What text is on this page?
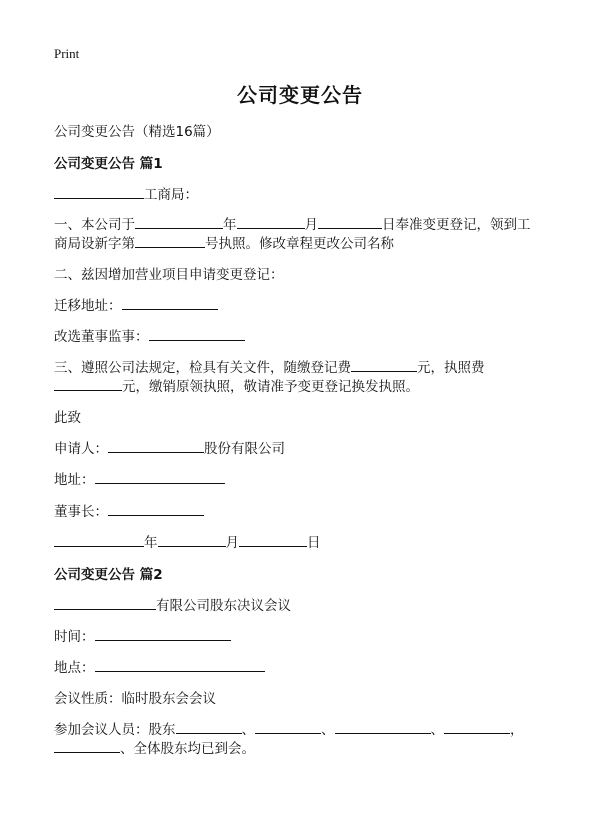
Print
公司变更公告
公司变更公告（精选16篇）
公司变更公告 篇1
工商局：
一、本公司于	年	月	日奉准变更登记，领到工
商局设新字第	号执照。修改章程更改公司名称
二、兹因增加营业项目申请变更登记：
迁移地址：
改选董事监事：
三、遵照公司法规定，检具有关文件，随缴登记费	元，执照费
元，缴销原领执照，敬请准予变更登记换发执照。
此致
申请人：	股份有限公司
地址：
董事长：
年	月	日
公司变更公告 篇2
有限公司股东决议会议
时间：
地点：
会议性质：临时股东会会议
参加会议人员：股东	、	、	、	，
、全体股东均已到会。
